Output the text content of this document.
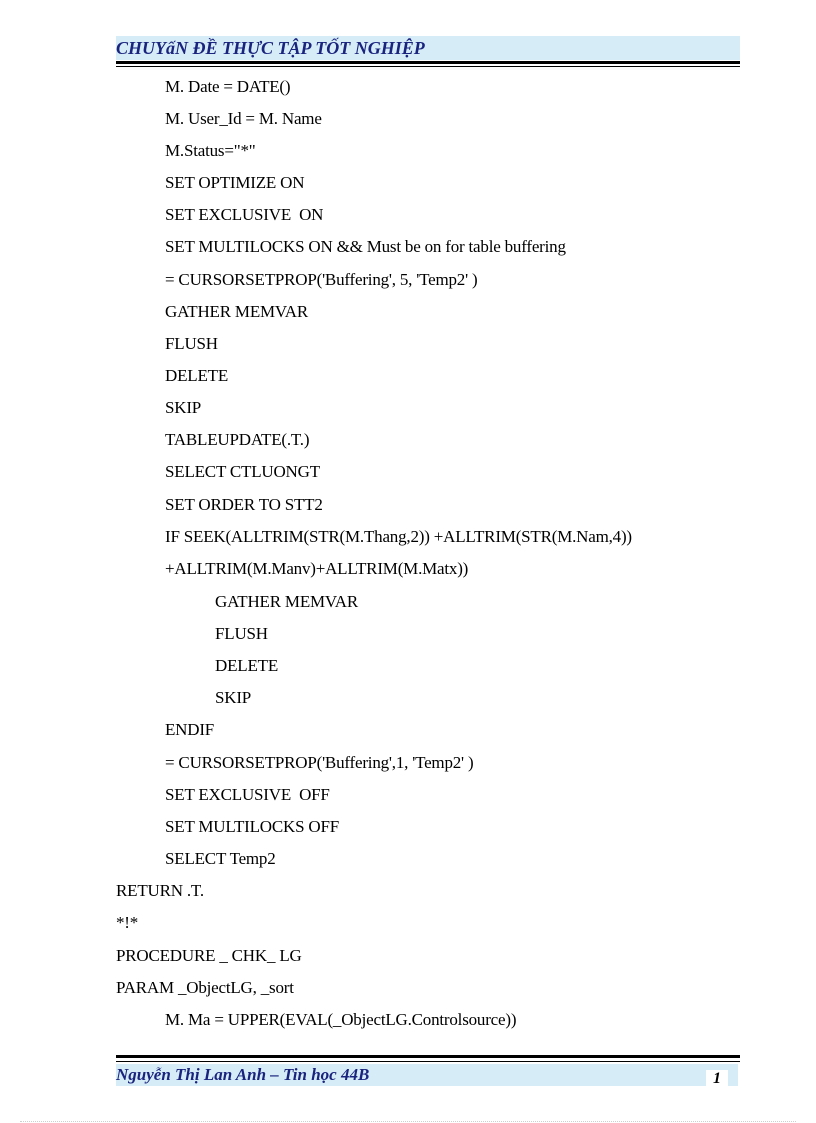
CHUYấN ĐỀ THỰC TẬP TỐT NGHIỆP
M. Date = DATE()
M. User_Id = M. Name
M.Status="*"
SET OPTIMIZE ON
SET EXCLUSIVE  ON
SET MULTILOCKS ON && Must be on for table buffering
= CURSORSETPROP('Buffering', 5, 'Temp2' )
GATHER MEMVAR
FLUSH
DELETE
SKIP
TABLEUPDATE(.T.)
SELECT CTLUONGT
SET ORDER TO STT2
IF SEEK(ALLTRIM(STR(M.Thang,2)) +ALLTRIM(STR(M.Nam,4))
+ALLTRIM(M.Manv)+ALLTRIM(M.Matx))
GATHER MEMVAR
FLUSH
DELETE
SKIP
ENDIF
= CURSORSETPROP('Buffering',1, 'Temp2' )
SET EXCLUSIVE  OFF
SET MULTILOCKS OFF
SELECT Temp2
RETURN .T.
*!*
PROCEDURE _ CHK_ LG
PARAM _ObjectLG, _sort
M. Ma = UPPER(EVAL(_ObjectLG.Controlsource))
Nguyễn Thị Lan Anh – Tin học 44B	1
